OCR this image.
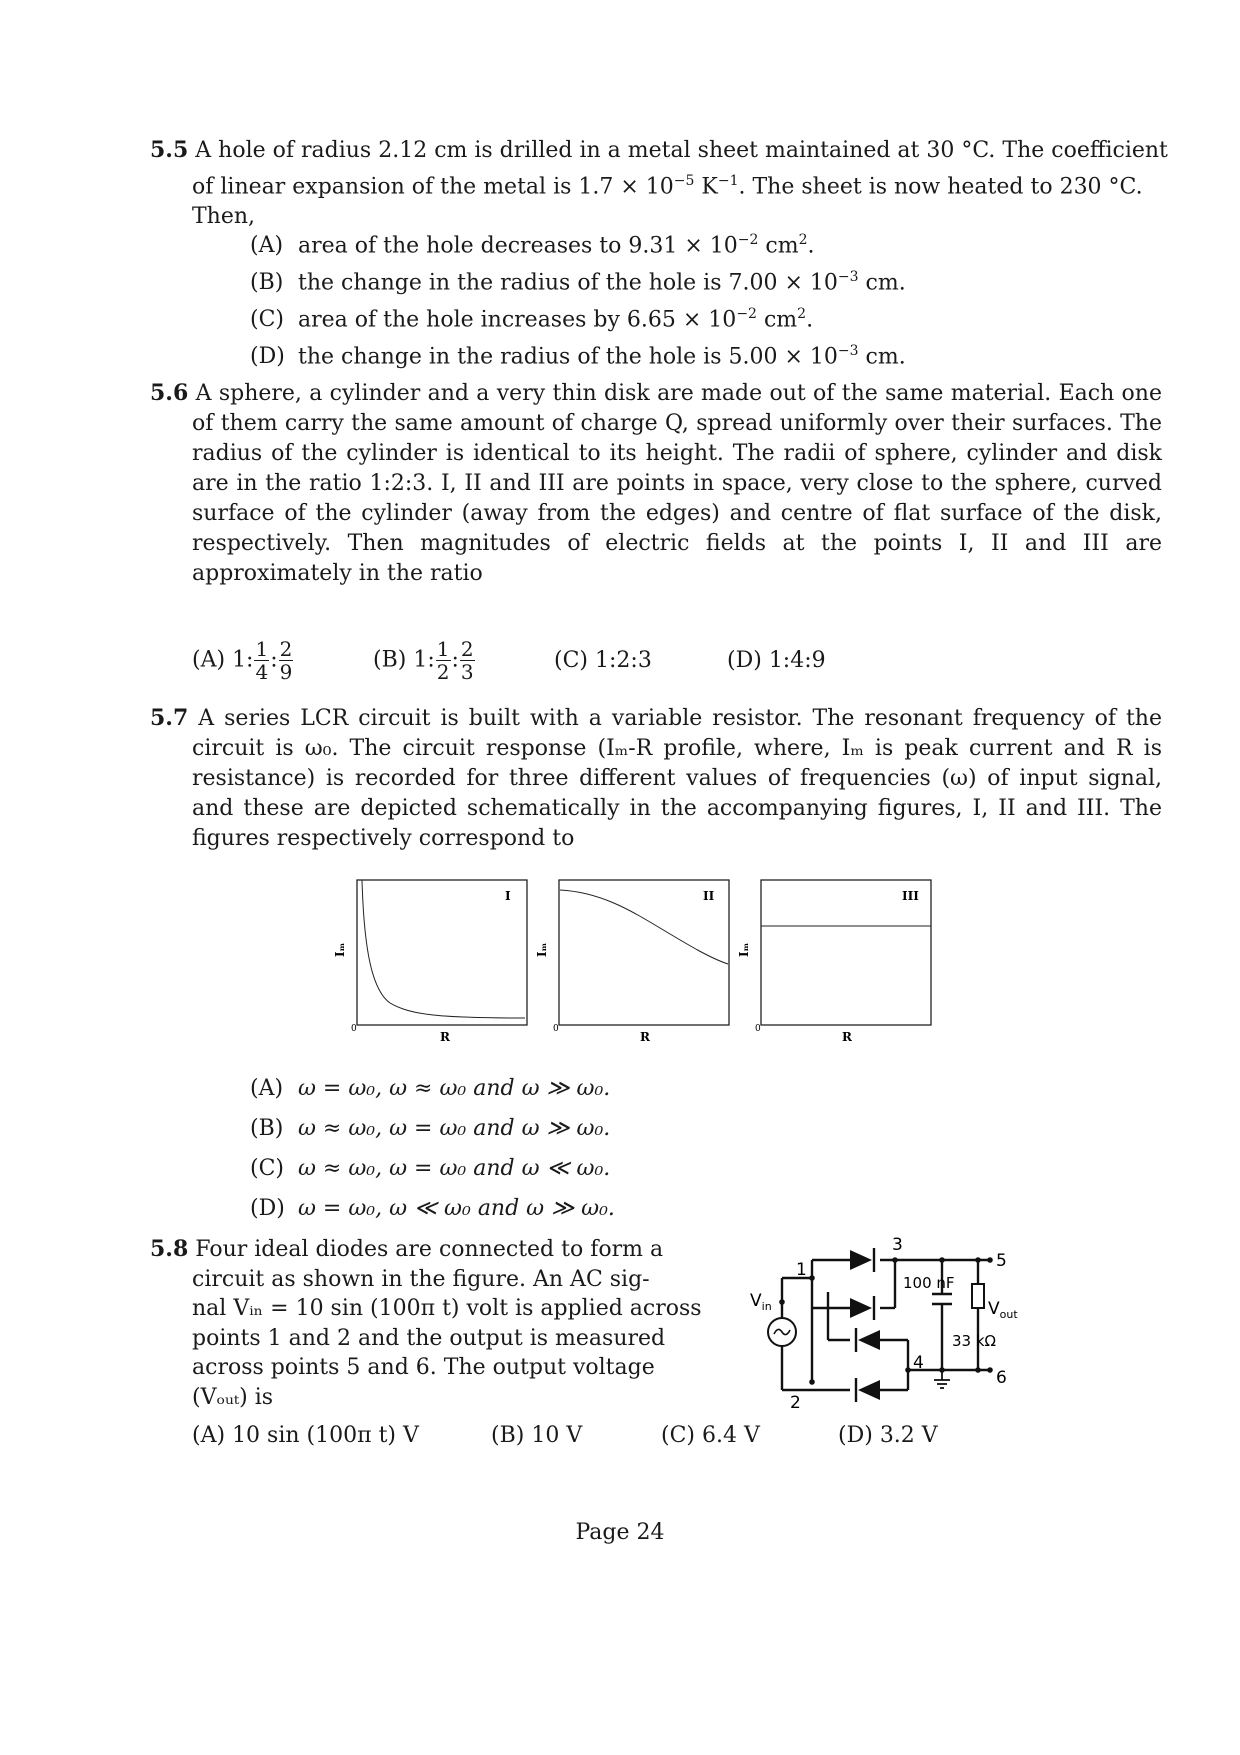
5.5 A hole of radius 2.12 cm is drilled in a metal sheet maintained at 30 °C. The coefficient
of linear expansion of the metal is $1.7 \times 10^{-5}$ $K^{-1}$. The sheet is now heated to 230 °C.
Then,
(A) area of the hole decreases to $9.31 \times 10^{-2}$ $cm^2$.
(B) the change in the radius of the hole is $7.00 \times 10^{-3}$ cm.
(C) area of the hole increases by $6.65 \times 10^{-2}$ $cm^2$.
(D) the change in the radius of the hole is $5.00 \times 10^{-3}$ cm.
5.6 A sphere, a cylinder and a very thin disk are made out of the same material. Each one of them carry the same amount of charge Q, spread uniformly over their surfaces. The radius of the cylinder is identical to its height. The radii of sphere, cylinder and disk are in the ratio 1:2:3. I, II and III are points in space, very close to the sphere, curved surface of the cylinder (away from the edges) and centre of flat surface of the disk, respectively. Then magnitudes of electric fields at the points I, II and III are approximately in the ratio
(A) 1: $\frac{1}{4}$ : $\frac{2}{9}$	(B) 1: $\frac{1}{2}$ : $\frac{2}{3}$	(C) 1:2:3	(D) 1:4:9
5.7 A series LCR circuit is built with a variable resistor. The resonant frequency of the circuit is ω₀. The circuit response (Iₘ-R profile, where, Iₘ is peak current and R is resistance) is recorded for three different values of frequencies (ω) of input signal, and these are depicted schematically in the accompanying figures, I, II and III. The figures respectively correspond to
I
Iₘ
R
0
II
Iₘ
R
0
III
Iₘ
R
0
(A) ω = ω₀, ω ≈ ω₀ and ω ≫ ω₀.
(B) ω ≈ ω₀, ω = ω₀ and ω ≫ ω₀.
(C) ω ≈ ω₀, ω = ω₀ and ω ≪ ω₀.
(D) ω = ω₀, ω ≪ ω₀ and ω ≫ ω₀.
5.8 Four ideal diodes are connected to form a
circuit as shown in the figure. An AC sig-
nal Vᵢₙ = 10 sin (100π t) volt is applied across
points 1 and 2 and the output is measured
across points 5 and 6. The output voltage
(Vₒᵤₜ) is
1
2
3
4
5
6
$V_{in}$	$V_{out}$
100 nF
33 kΩ
(A) 10 sin (100π t) V	(B) 10 V	(C) 6.4 V	(D) 3.2 V
Page 24
